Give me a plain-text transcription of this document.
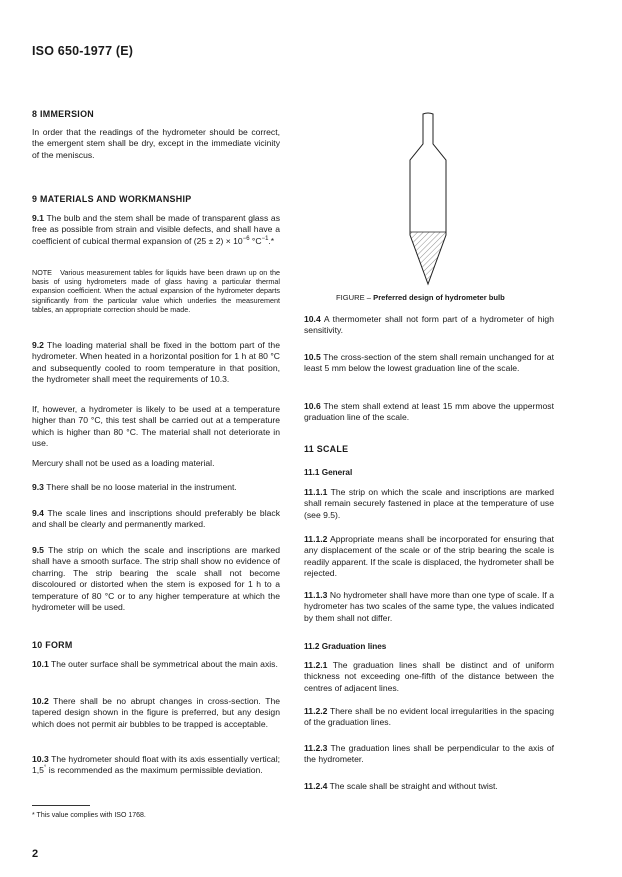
ISO 650-1977 (E)
8 IMMERSION

In order that the readings of the hydrometer should be correct, the emergent stem shall be dry, except in the immediate vicinity of the meniscus.

9 MATERIALS AND WORKMANSHIP

9.1 The bulb and the stem shall be made of transparent glass as free as possible from strain and visible defects, and shall have a coefficient of cubical thermal expansion of $(25 \pm 2) \times 10^{-6}$ $^\circ C^{-1}.*$

NOTE Various measurement tables for liquids have been drawn up on the basis of using hydrometers made of glass having a particular thermal expansion coefficient. When the actual expansion of the hydrometer departs significantly from the particular value which underlies the measurement tables, an appropriate correction should be made.

9.2 The loading material shall be fixed in the bottom part of the hydrometer. When heated in a horizontal position for 1 h at 80 °C and subsequently cooled to room temperature in that position, the hydrometer shall meet the requirements of 10.3.

If, however, a hydrometer is likely to be used at a temperature higher than 70 °C, this test shall be carried out at a temperature which is higher than 80 °C. The material shall not deteriorate in use.

Mercury shall not be used as a loading material.

9.3 There shall be no loose material in the instrument.

9.4 The scale lines and inscriptions should preferably be black and shall be clearly and permanently marked.

9.5 The strip on which the scale and inscriptions are marked shall have a smooth surface. The strip shall show no evidence of charring. The strip bearing the scale shall not become discoloured or distorted when the stem is exposed for 1 h to a temperature of 80 °C or to any higher temperature at which the hydrometer will be used.

10 FORM

10.1 The outer surface shall be symmetrical about the main axis.

10.2 There shall be no abrupt changes in cross-section. The tapered design shown in the figure is preferred, but any design which does not permit air bubbles to be trapped is acceptable.

10.3 The hydrometer should float with its axis essentially vertical; 1,5° is recommended as the maximum permissible deviation.

FIGURE – Preferred design of hydrometer bulb

10.4 A thermometer shall not form part of a hydrometer of high sensitivity.

10.5 The cross-section of the stem shall remain unchanged for at least 5 mm below the lowest graduation line of the scale.

10.6 The stem shall extend at least 15 mm above the uppermost graduation line of the scale.

11 SCALE
11.1 General

11.1.1 The strip on which the scale and inscriptions are marked shall remain securely fastened in place at the temperature of use (see 9.5).

11.1.2 Appropriate means shall be incorporated for ensuring that any displacement of the scale or of the strip bearing the scale is readily apparent. If the scale is displaced, the hydrometer shall be rejected.

11.1.3 No hydrometer shall have more than one type of scale. If a hydrometer has two scales of the same type, the values indicated by them shall not differ.

11.2 Graduation lines

11.2.1 The graduation lines shall be distinct and of uniform thickness not exceeding one-fifth of the distance between the centres of adjacent lines.

11.2.2 There shall be no evident local irregularities in the spacing of the graduation lines.

11.2.3 The graduation lines shall be perpendicular to the axis of the hydrometer.

11.2.4 The scale shall be straight and without twist.

* This value complies with ISO 1768.
2
